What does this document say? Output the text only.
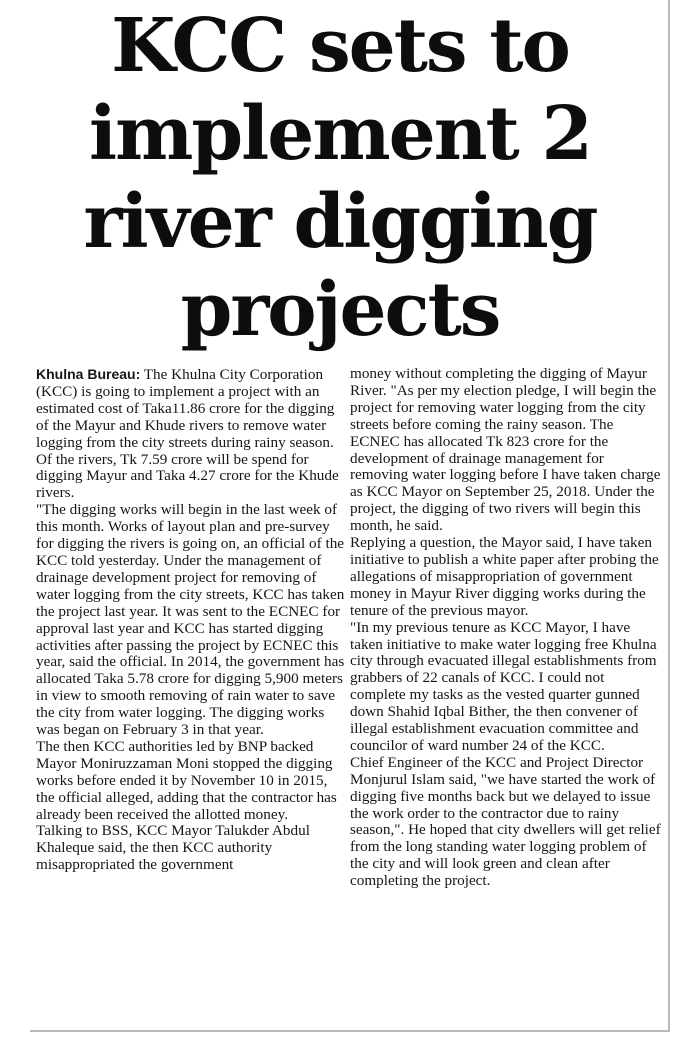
KCC sets to implement 2 river digging projects

Khulna Bureau: The Khulna City Corporation (KCC) is going to implement a project with an estimated cost of Taka11.86 crore for the digging of the Mayur and Khude rivers to remove water logging from the city streets during rainy season. Of the rivers, Tk 7.59 crore will be spend for digging Mayur and Taka 4.27 crore for the Khude rivers.

"The digging works will begin in the last week of this month. Works of layout plan and pre-survey for digging the rivers is going on, an official of the KCC told yesterday. Under the management of drainage development project for removing of water logging from the city streets, KCC has taken the project last year. It was sent to the ECNEC for approval last year and KCC has started digging activities after passing the project by ECNEC this year, said the official. In 2014, the government has allocated Taka 5.78 crore for digging 5,900 meters in view to smooth removing of rain water to save the city from water logging. The digging works was began on February 3 in that year.

The then KCC authorities led by BNP backed Mayor Moniruzzaman Moni stopped the digging works before ended it by November 10 in 2015, the official alleged, adding that the contractor has already been received the allotted money.

Talking to BSS, KCC Mayor Talukder Abdul Khaleque said, the then KCC authority misappropriated the government

money without completing the digging of Mayur River. "As per my election pledge, I will begin the project for removing water logging from the city streets before coming the rainy season. The ECNEC has allocated Tk 823 crore for the development of drainage management for removing water logging before I have taken charge as KCC Mayor on September 25, 2018. Under the project, the digging of two rivers will begin this month, he said.

Replying a question, the Mayor said, I have taken initiative to publish a white paper after probing the allegations of misappropriation of government money in Mayur River digging works during the tenure of the previous mayor.

"In my previous tenure as KCC Mayor, I have taken initiative to make water logging free Khulna city through evacuated illegal establishments from grabbers of 22 canals of KCC. I could not complete my tasks as the vested quarter gunned down Shahid Iqbal Bither, the then convener of illegal establishment evacuation committee and councilor of ward number 24 of the KCC.

Chief Engineer of the KCC and Project Director Monjurul Islam said, "we have started the work of digging five months back but we delayed to issue the work order to the contractor due to rainy season,". He hoped that city dwellers will get relief from the long standing water logging problem of the city and will look green and clean after completing the project.
